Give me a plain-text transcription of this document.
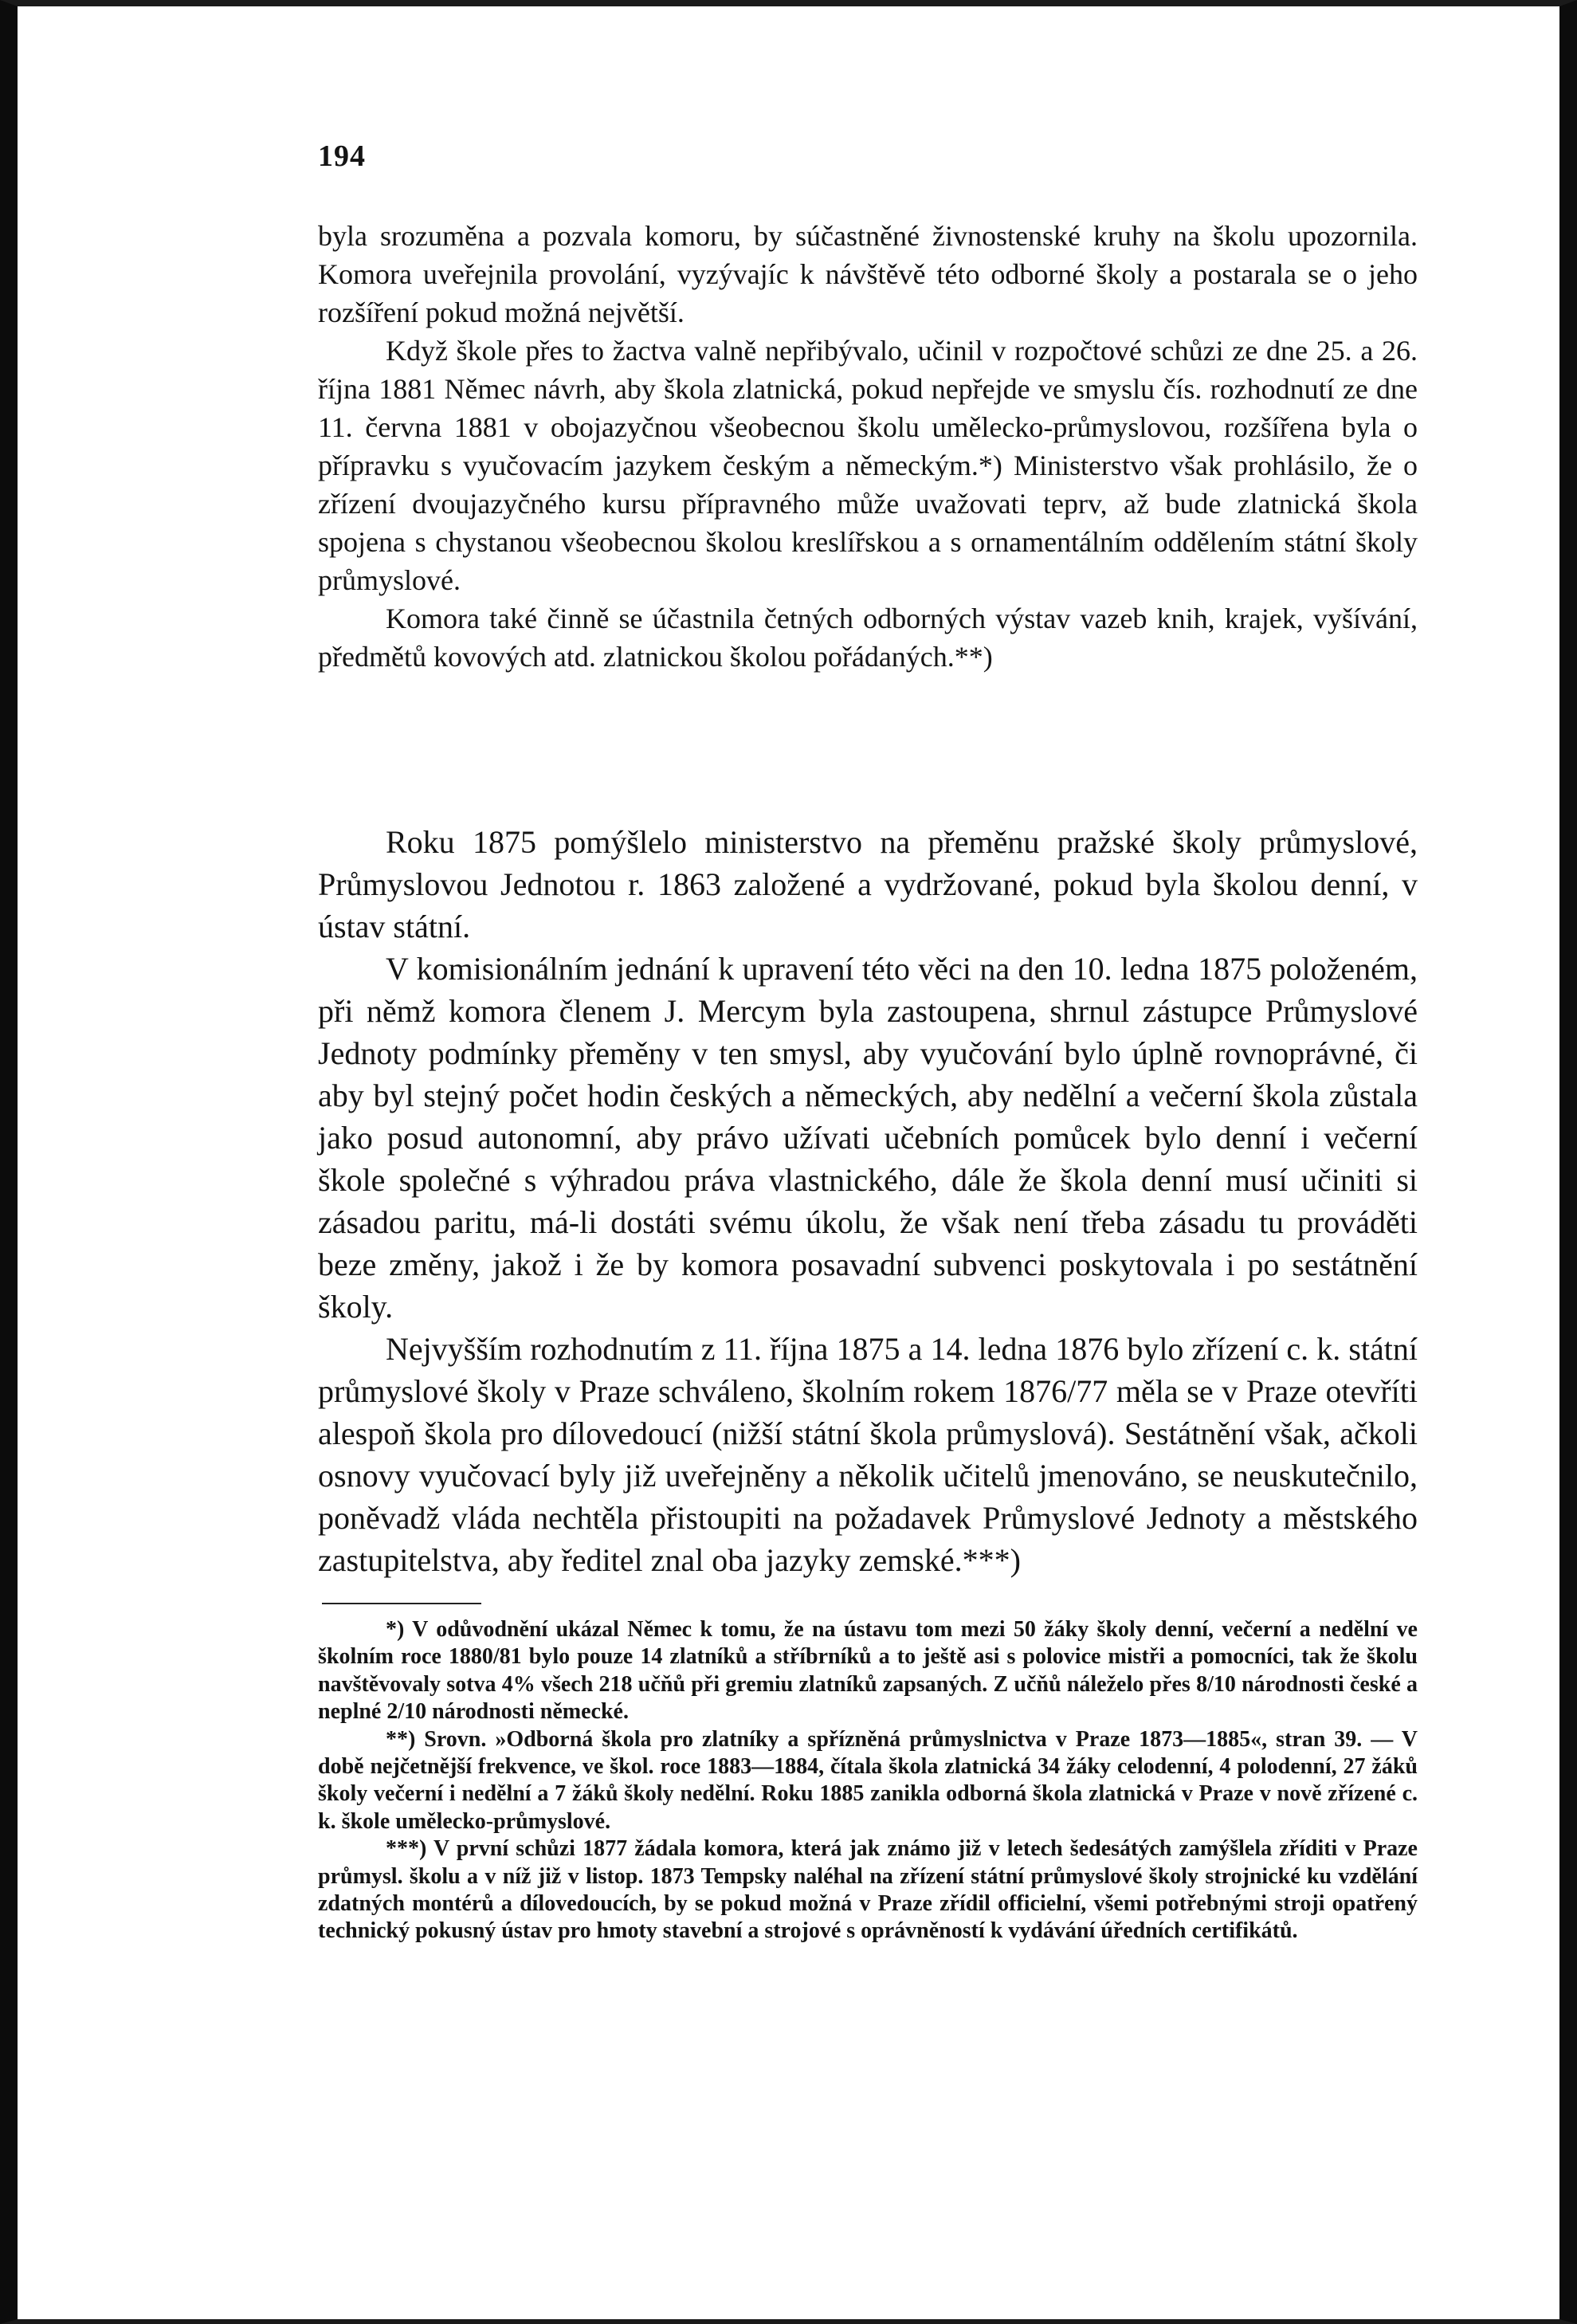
194

byla srozuměna a pozvala komoru, by súčastněné živnostenské kruhy na školu upozornila. Komora uveřejnila provolání, vyzývajíc k návštěvě této odborné školy a postarala se o jeho rozšíření pokud možná největší.

Když škole přes to žactva valně nepřibývalo, učinil v rozpočtové schůzi ze dne 25. a 26. října 1881 Němec návrh, aby škola zlatnická, pokud nepřejde ve smyslu čís. rozhodnutí ze dne 11. června 1881 v obojazyčnou všeobecnou školu umělecko-průmyslovou, rozšířena byla o přípravku s vyučovacím jazykem českým a německým.*) Ministerstvo však prohlásilo, že o zřízení dvoujazyčného kursu přípravného může uvažovati teprv, až bude zlatnická škola spojena s chystanou všeobecnou školou kreslířskou a s ornamentálním oddělením státní školy průmyslové.

Komora také činně se účastnila četných odborných výstav vazeb knih, krajek, vyšívání, předmětů kovových atd. zlatnickou školou pořádaných.**)

Roku 1875 pomýšlelo ministerstvo na přeměnu pražské školy průmyslové, Průmyslovou Jednotou r. 1863 založené a vydržované, pokud byla školou denní, v ústav státní.

V komisionálním jednání k upravení této věci na den 10. ledna 1875 položeném, při němž komora členem J. Mercym byla zastoupena, shrnul zástupce Průmyslové Jednoty podmínky přeměny v ten smysl, aby vyučování bylo úplně rovnoprávné, či aby byl stejný počet hodin českých a německých, aby nedělní a večerní škola zůstala jako posud autonomní, aby právo užívati učebních pomůcek bylo denní i večerní škole společné s výhradou práva vlastnického, dále že škola denní musí učiniti si zásadou paritu, má-li dostáti svému úkolu, že však není třeba zásadu tu prováděti beze změny, jakož i že by komora posavadní subvenci poskytovala i po sestátnění školy.

Nejvyšším rozhodnutím z 11. října 1875 a 14. ledna 1876 bylo zřízení c. k. státní průmyslové školy v Praze schváleno, školním rokem 1876/77 měla se v Praze otevříti alespoň škola pro dílovedoucí (nižší státní škola průmyslová). Sestátnění však, ačkoli osnovy vyučovací byly již uveřejněny a několik učitelů jmenováno, se neuskutečnilo, poněvadž vláda nechtěla přistoupiti na požadavek Průmyslové Jednoty a městského zastupitelstva, aby ředitel znal oba jazyky zemské.***)

*) V odůvodnění ukázal Němec k tomu, že na ústavu tom mezi 50 žáky školy denní, večerní a nedělní ve školním roce 1880/81 bylo pouze 14 zlatníků a stříbrníků a to ještě asi s polovice mistři a pomocníci, tak že školu navštěvovaly sotva 4% všech 218 učňů při gremiu zlatníků zapsaných. Z učňů náleželo přes 8/10 národnosti české a neplné 2/10 národnosti německé.

**) Srovn. »Odborná škola pro zlatníky a spřízněná průmyslnictva v Praze 1873—1885«, stran 39. — V době nejčetnější frekvence, ve škol. roce 1883—1884, čítala škola zlatnická 34 žáky celodenní, 4 polodenní, 27 žáků školy večerní i nedělní a 7 žáků školy nedělní. Roku 1885 zanikla odborná škola zlatnická v Praze v nově zřízené c. k. škole umělecko-průmyslové.

***) V první schůzi 1877 žádala komora, která jak známo již v letech šedesátých zamýšlela zříditi v Praze průmysl. školu a v níž již v listop. 1873 Tempsky naléhal na zřízení státní průmyslové školy strojnické ku vzdělání zdatných montérů a dílovedoucích, by se pokud možná v Praze zřídil officielní, všemi potřebnými stroji opatřený technický pokusný ústav pro hmoty stavební a strojové s oprávněností k vydávání úředních certifikátů.
